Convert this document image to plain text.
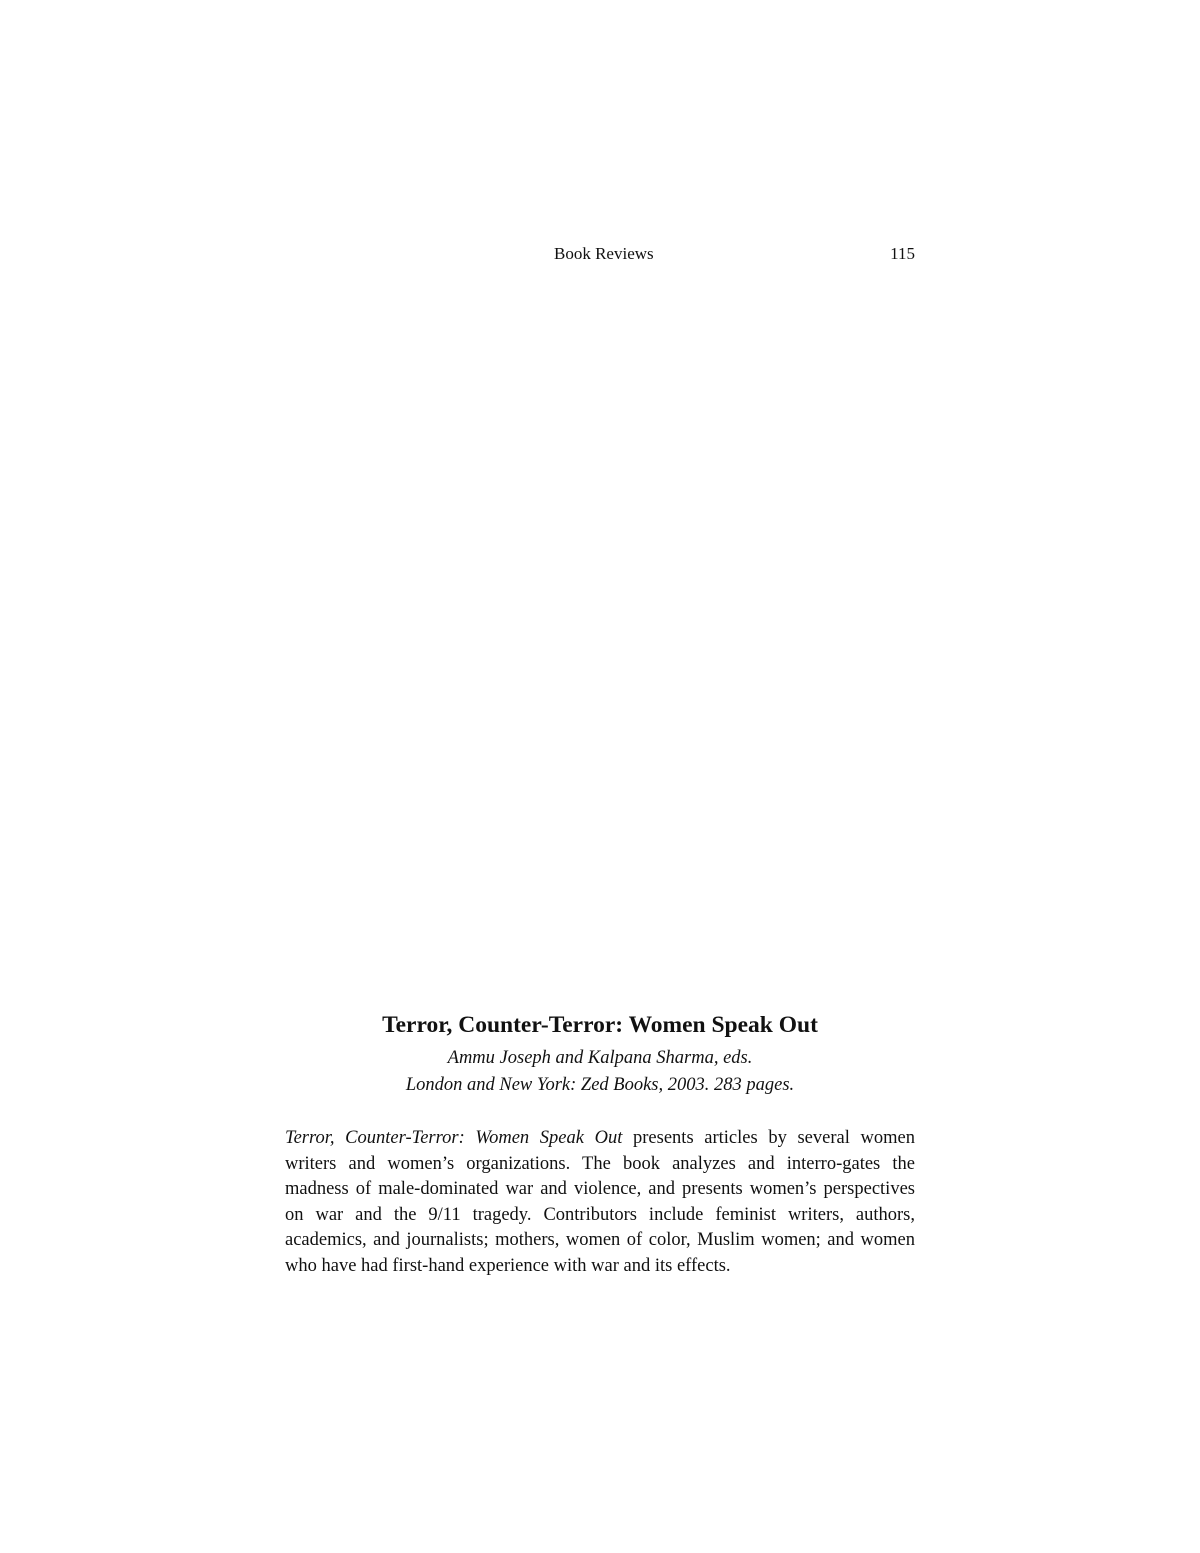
Book Reviews	115
Terror, Counter-Terror: Women Speak Out
Ammu Joseph and Kalpana Sharma, eds.
London and New York: Zed Books, 2003. 283 pages.

Terror, Counter-Terror: Women Speak Out presents articles by several women writers and women’s organizations. The book analyzes and interro-gates the madness of male-dominated war and violence, and presents women’s perspectives on war and the 9/11 tragedy. Contributors include feminist writers, authors, academics, and journalists; mothers, women of color, Muslim women; and women who have had first-hand experience with war and its effects.
